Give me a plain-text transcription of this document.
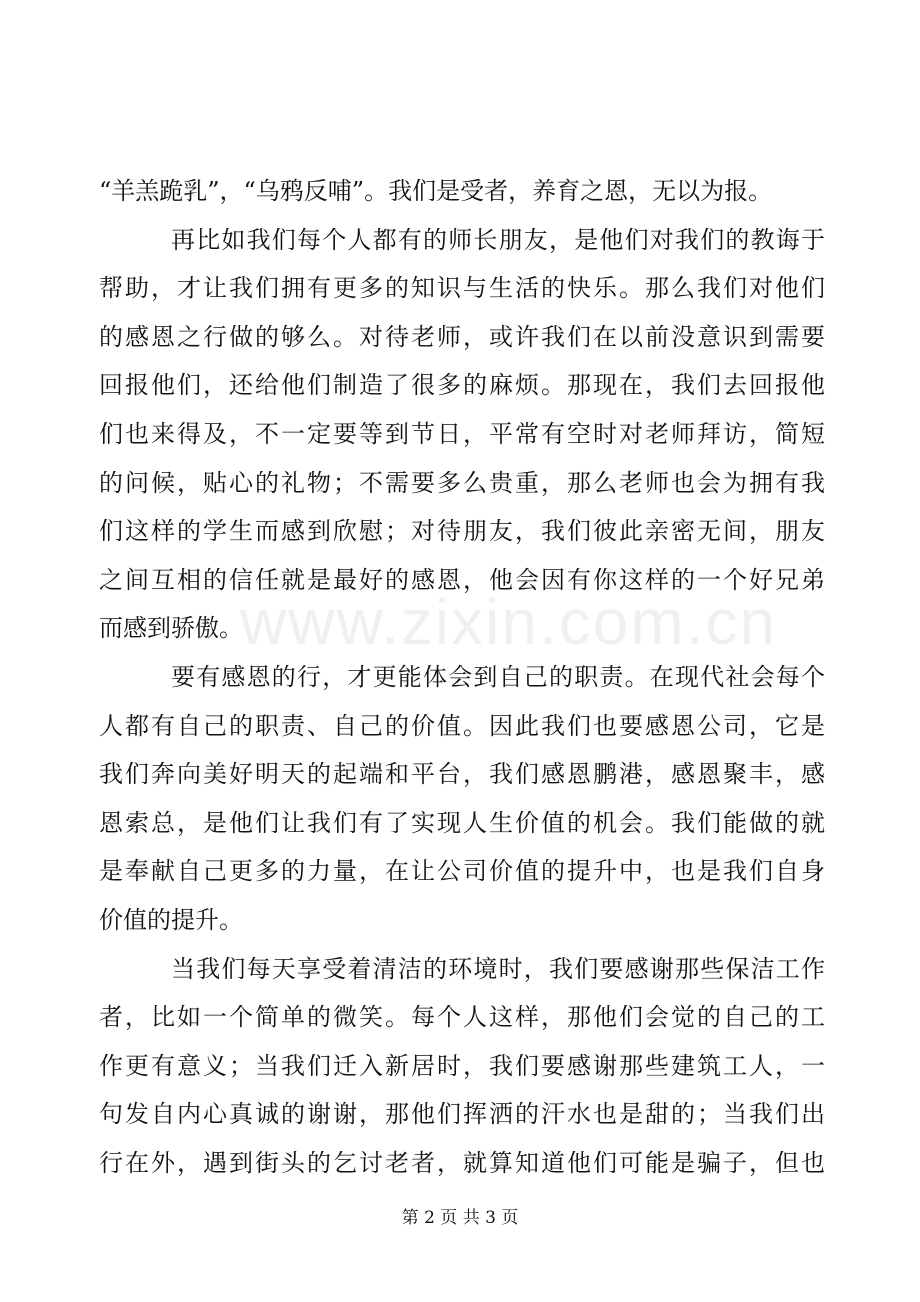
“羊羔跪乳”，“乌鸦反哺”。我们是受者，养育之恩，无以为报。
再比如我们每个人都有的师长朋友，是他们对我们的教诲于
帮助，才让我们拥有更多的知识与生活的快乐。那么我们对他们
的感恩之行做的够么。对待老师，或许我们在以前没意识到需要
回报他们，还给他们制造了很多的麻烦。那现在，我们去回报他
们也来得及，不一定要等到节日，平常有空时对老师拜访，简短
的问候，贴心的礼物；不需要多么贵重，那么老师也会为拥有我
们这样的学生而感到欣慰；对待朋友，我们彼此亲密无间，朋友
之间互相的信任就是最好的感恩，他会因有你这样的一个好兄弟
而感到骄傲。
要有感恩的行，才更能体会到自己的职责。在现代社会每个
人都有自己的职责、自己的价值。因此我们也要感恩公司，它是
我们奔向美好明天的起端和平台，我们感恩鹏港，感恩聚丰，感
恩索总，是他们让我们有了实现人生价值的机会。我们能做的就
是奉献自己更多的力量，在让公司价值的提升中，也是我们自身
价值的提升。
当我们每天享受着清洁的环境时，我们要感谢那些保洁工作
者，比如一个简单的微笑。每个人这样，那他们会觉的自己的工
作更有意义；当我们迁入新居时，我们要感谢那些建筑工人，一
句发自内心真诚的谢谢，那他们挥洒的汗水也是甜的；当我们出
行在外，遇到街头的乞讨老者，就算知道他们可能是骗子，但也
www.zixin.com.cn
第 2 页 共 3 页
